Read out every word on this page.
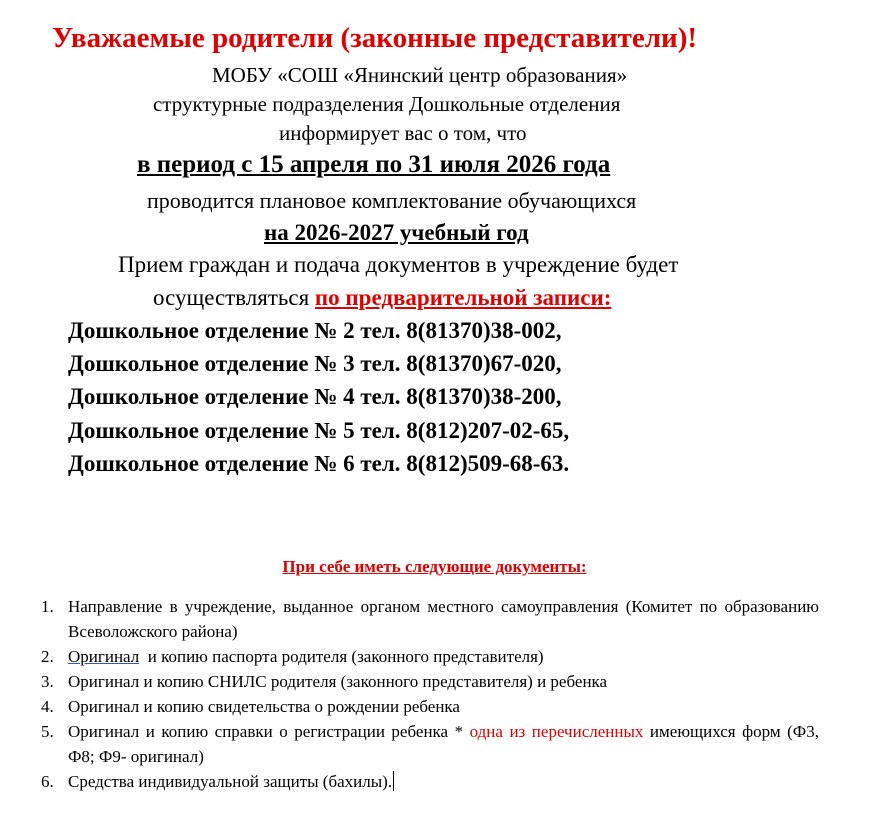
Уважаемые родители (законные представители)!
МОБУ «СОШ «Янинский центр образования»
структурные подразделения Дошкольные отделения
информирует вас о том, что
в период с 15 апреля по 31 июля 2026 года
проводится плановое комплектование обучающихся
на 2026-2027 учебный год
Прием граждан и подача документов в учреждение будет
осуществляться по предварительной записи:
Дошкольное отделение № 2 тел. 8(81370)38-002,
Дошкольное отделение № 3 тел. 8(81370)67-020,
Дошкольное отделение № 4 тел. 8(81370)38-200,
Дошкольное отделение № 5 тел. 8(812)207-02-65,
Дошкольное отделение № 6 тел. 8(812)509-68-63.
При себе иметь следующие документы:
1. Направление в учреждение, выданное органом местного самоуправления (Комитет по образованию Всеволожского района)
2. Оригинал  и копию паспорта родителя (законного представителя)
3. Оригинал и копию СНИЛС родителя (законного представителя) и ребенка
4. Оригинал и копию свидетельства о рождении ребенка
5. Оригинал и копию справки о регистрации ребенка * одна из перечисленных имеющихся форм (Ф3, Ф8; Ф9- оригинал)
6. Средства индивидуальной защиты (бахилы).
